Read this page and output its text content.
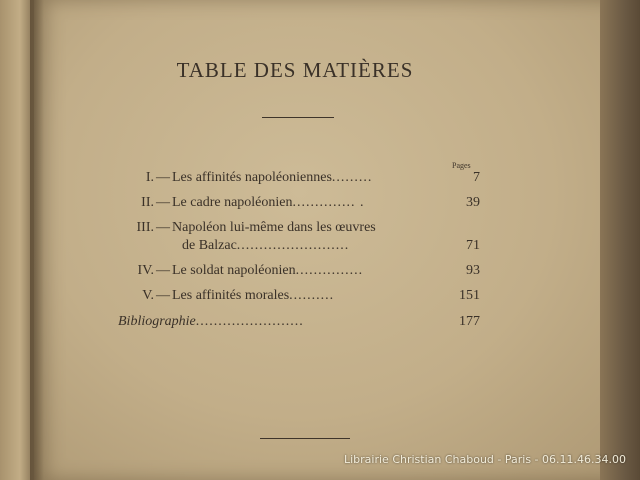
TABLE DES MATIÈRES
Pages
I. — Les affinités napoléoniennes.........	7
II. — Le cadre napoléonien.............. .	39
III. — Napoléon lui-même dans les œuvres
de Balzac.........................	71
IV. — Le soldat napoléonien...............	93
V. — Les affinités morales..........	151
Bibliographie........................	177
Librairie Christian Chaboud - Paris - 06.11.46.34.00
